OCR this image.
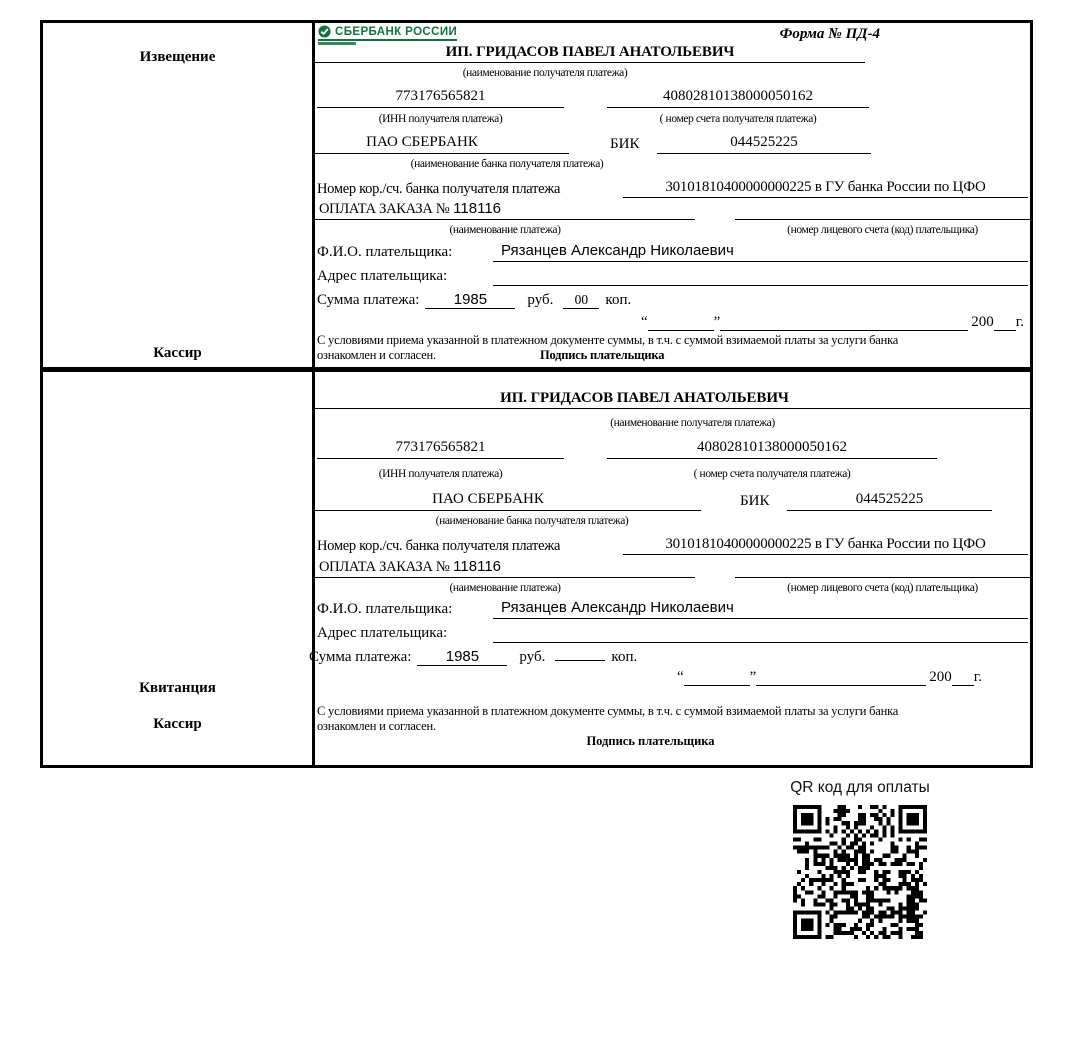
Извещение
Кассир
СБЕРБАНК РОССИИ	Форма № ПД-4
ИП. ГРИДАСОВ ПАВЕЛ АНАТОЛЬЕВИЧ
(наименование получателя платежа)
773176565821	40802810138000050162
(ИНН получателя платежа)	( номер счета получателя платежа)
ПАО СБЕРБАНК	БИК	044525225
(наименование банка получателя платежа)
Номер кор./сч. банка получателя платежа	30101810400000000225 в ГУ банка России по ЦФО
ОПЛАТА ЗАКАЗА № 118116
(наименование платежа)	(номер лицевого счета (код) плательщика)
Ф.И.О. плательщика:	Рязанцев Александр Николаевич
Адрес плательщика:
Сумма платежа: 1985	руб. 00 коп.
“	”	200 г.
С условиями приема указанной в платежном документе суммы, в т.ч. с суммой взимаемой платы за услуги банка
ознакомлен и согласен.	Подпись плательщика
Квитанция
Кассир
ИП. ГРИДАСОВ ПАВЕЛ АНАТОЛЬЕВИЧ
(наименование получателя платежа)
773176565821	40802810138000050162
(ИНН получателя платежа)	( номер счета получателя платежа)
ПАО СБЕРБАНК	БИК	044525225
(наименование банка получателя платежа)
Номер кор./сч. банка получателя платежа	30101810400000000225 в ГУ банка России по ЦФО
ОПЛАТА ЗАКАЗА № 118116
(наименование платежа)	(номер лицевого счета (код) плательщика)
Ф.И.О. плательщика:	Рязанцев Александр Николаевич
Адрес плательщика:
Сумма платежа: 1985	руб.	коп.
“	”	200 г.
С условиями приема указанной в платежном документе суммы, в т.ч. с суммой взимаемой платы за услуги банка
ознакомлен и согласен.
Подпись плательщика
QR код для оплаты
